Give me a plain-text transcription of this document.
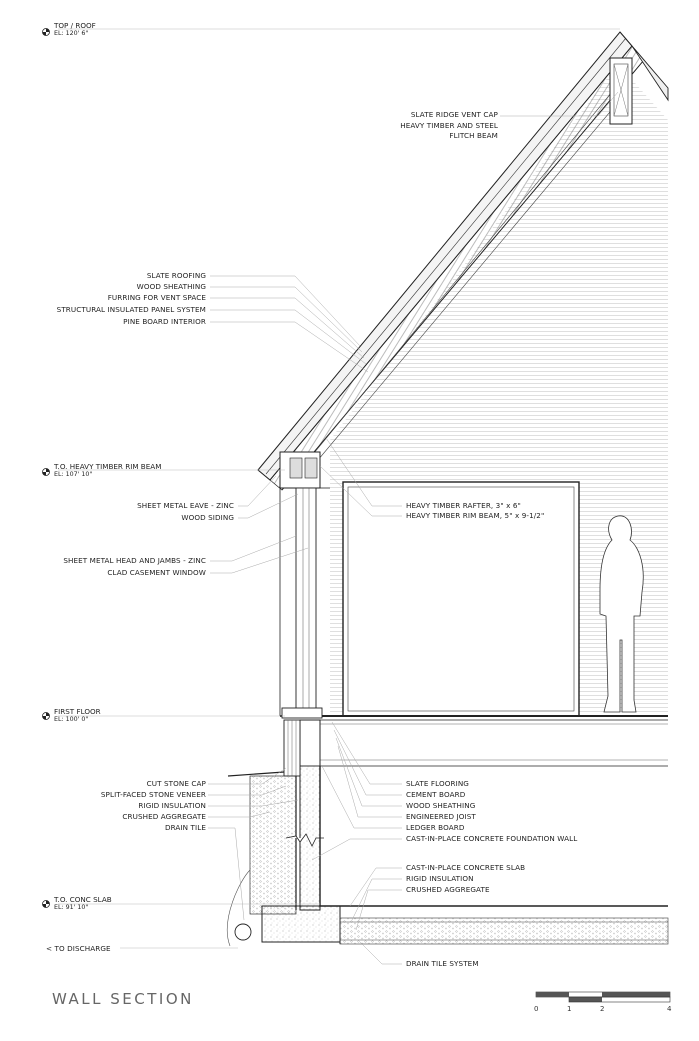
TOP / ROOF
EL: 120' 6"
T.O. HEAVY TIMBER RIM BEAM
EL: 107' 10"
FIRST FLOOR
EL: 100' 0"
T.O. CONC SLAB
EL: 91' 10"
< TO DISCHARGE
SLATE RIDGE VENT CAP
HEAVY TIMBER AND STEEL
FLITCH BEAM
SLATE ROOFING
WOOD SHEATHING
FURRING FOR VENT SPACE
STRUCTURAL INSULATED PANEL SYSTEM
PINE BOARD INTERIOR
SHEET METAL EAVE - ZINC
WOOD SIDING
SHEET METAL HEAD AND JAMBS - ZINC
CLAD CASEMENT WINDOW
HEAVY TIMBER RAFTER, 3" x 6"
HEAVY TIMBER RIM BEAM, 5" x 9-1/2"
CUT STONE CAP
SPLIT-FACED STONE VENEER
RIGID INSULATION
CRUSHED AGGREGATE
DRAIN TILE
SLATE FLOORING
CEMENT BOARD
WOOD SHEATHING
ENGINEERED JOIST
LEDGER BOARD
CAST-IN-PLACE CONCRETE FOUNDATION WALL
CAST-IN-PLACE CONCRETE SLAB
RIGID INSULATION
CRUSHED AGGREGATE
DRAIN TILE SYSTEM
WALL SECTION
0	1	2	4
